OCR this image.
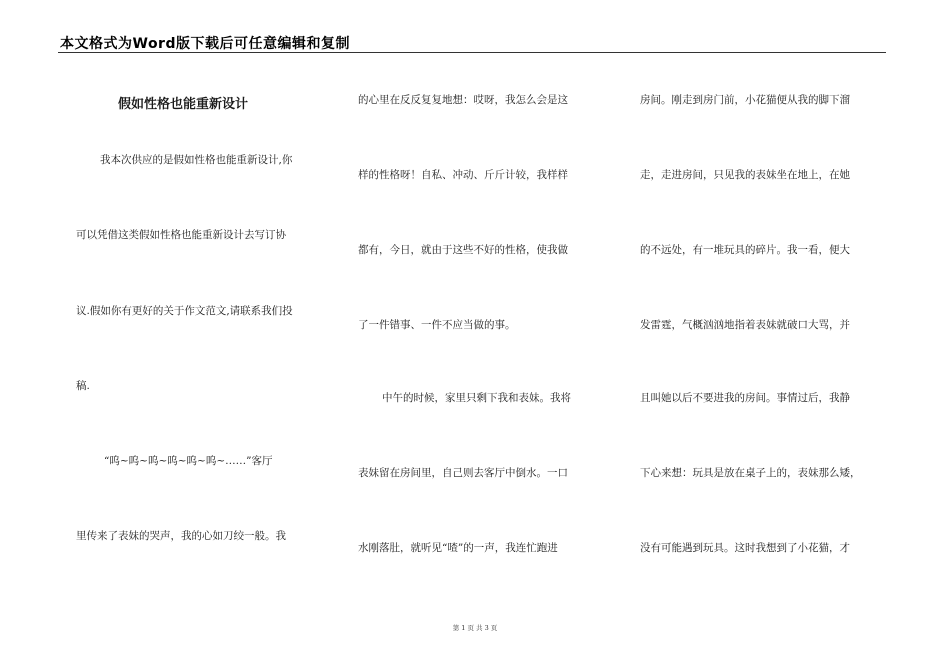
本文格式为Word版下载后可任意编辑和复制
假如性格也能重新设计
我本次供应的是假如性格也能重新设计,你
可以凭借这类假如性格也能重新设计去写订协
议.假如你有更好的关于作文范文,请联系我们投
稿.
“呜~呜~呜~呜~呜~呜~……”客厅
里传来了表妹的哭声，我的心如刀绞一般。我
的心里在反反复复地想：哎呀，我怎么会是这
样的性格呀！自私、冲动、斤斤计较，我样样
都有，今日，就由于这些不好的性格，使我做
了一件错事、一件不应当做的事。
中午的时候，家里只剩下我和表妹。我将
表妹留在房间里，自己则去客厅中倒水。一口
水刚落肚，就听见“喳”的一声，我连忙跑进
房间。刚走到房门前，小花猫便从我的脚下溜
走，走进房间，只见我的表妹坐在地上，在她
的不远处，有一堆玩具的碎片。我一看，便大
发雷霆，气概汹汹地指着表妹就破口大骂，并
且叫她以后不要进我的房间。事情过后，我静
下心来想：玩具是放在桌子上的，表妹那么矮，
没有可能遇到玩具。这时我想到了小花猫，才
第 1 页 共 3 页
